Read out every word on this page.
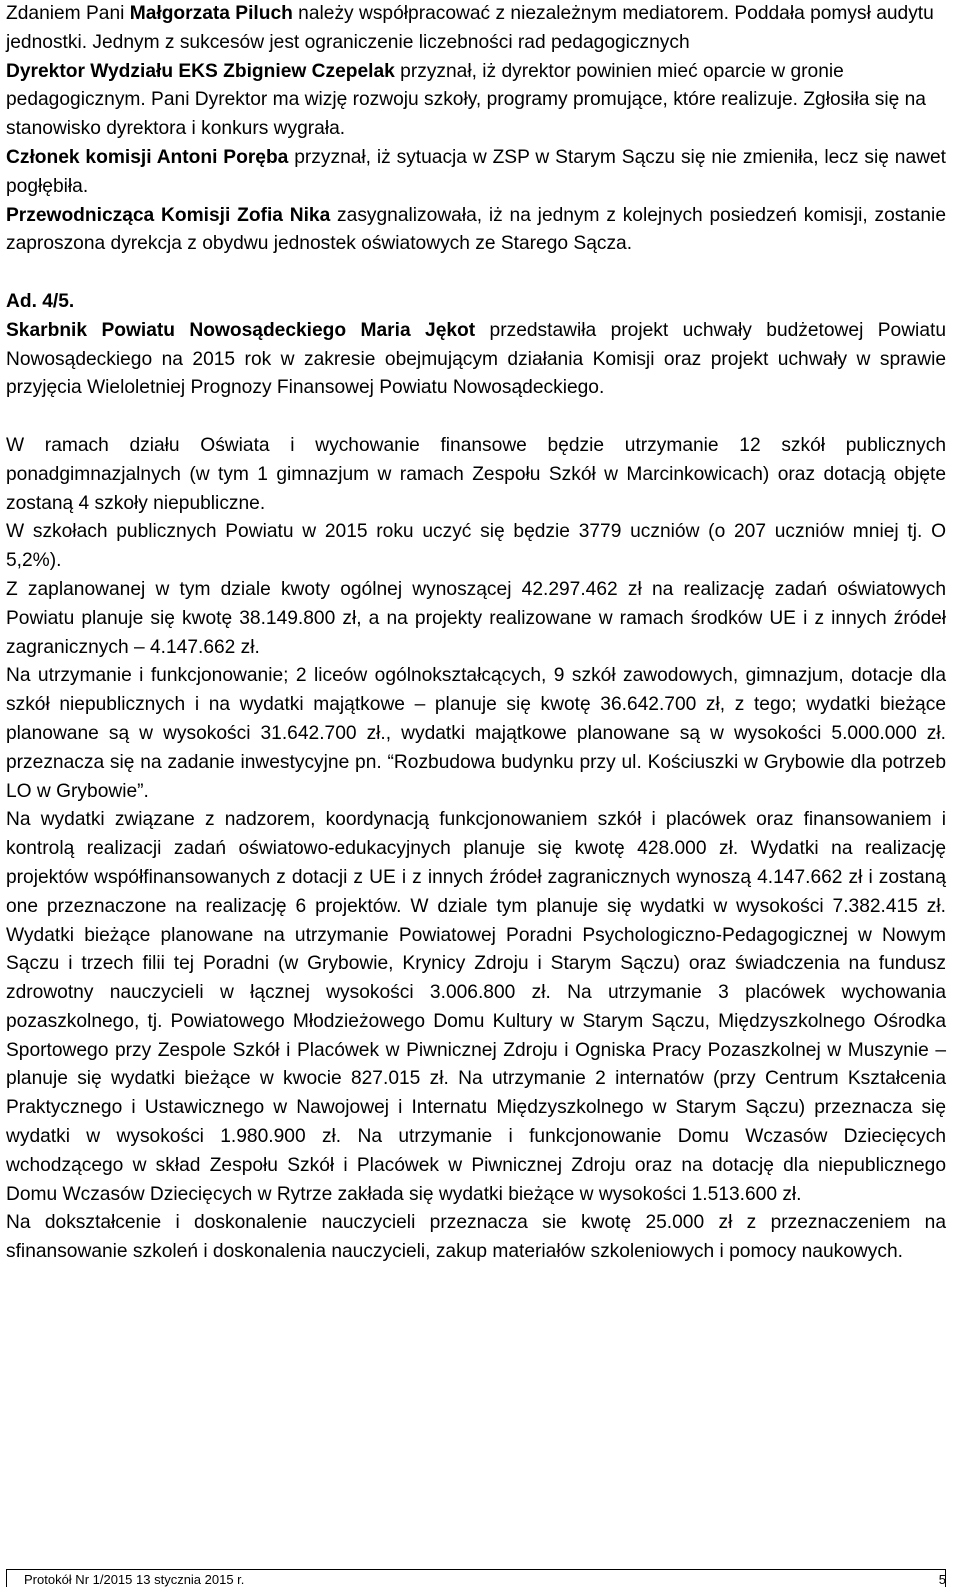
Zdaniem Pani Małgorzata Piluch należy współpracować z niezależnym mediatorem. Poddała pomysł audytu jednostki. Jednym z sukcesów jest ograniczenie liczebności rad pedagogicznych

Dyrektor Wydziału EKS Zbigniew Czepelak przyznał, iż dyrektor powinien mieć oparcie w gronie pedagogicznym. Pani Dyrektor ma wizję rozwoju szkoły, programy promujące, które realizuje. Zgłosiła się na stanowisko dyrektora i konkurs wygrała.

Członek komisji Antoni Poręba przyznał, iż sytuacja w ZSP w Starym Sączu się nie zmieniła, lecz się nawet pogłębiła.

Przewodnicząca Komisji Zofia Nika zasygnalizowała, iż na jednym z kolejnych posiedzeń komisji, zostanie zaproszona dyrekcja z obydwu jednostek oświatowych ze Starego Sącza.

Ad. 4/5.

Skarbnik Powiatu Nowosądeckiego Maria Jękot przedstawiła projekt uchwały budżetowej Powiatu Nowosądeckiego na 2015 rok w zakresie obejmującym działania Komisji oraz projekt uchwały w sprawie przyjęcia Wieloletniej Prognozy Finansowej Powiatu Nowosądeckiego.

W ramach działu Oświata i wychowanie finansowe będzie utrzymanie 12 szkół publicznych ponadgimnazjalnych (w tym 1 gimnazjum w ramach Zespołu Szkół w Marcinkowicach) oraz dotacją objęte zostaną 4 szkoły niepubliczne.

W szkołach publicznych Powiatu w 2015 roku uczyć się będzie 3779 uczniów (o 207 uczniów mniej tj. O 5,2%).

Z zaplanowanej w tym dziale kwoty ogólnej wynoszącej 42.297.462 zł na realizację zadań oświatowych Powiatu planuje się kwotę 38.149.800 zł, a na projekty realizowane w ramach środków UE i z innych źródeł zagranicznych – 4.147.662 zł.

Na utrzymanie i funkcjonowanie; 2 liceów ogólnokształcących, 9 szkół zawodowych, gimnazjum, dotacje dla szkół niepublicznych i na wydatki majątkowe – planuje się kwotę 36.642.700 zł, z tego; wydatki bieżące planowane są w wysokości 31.642.700 zł., wydatki majątkowe planowane są w wysokości 5.000.000 zł. przeznacza się na zadanie inwestycyjne pn. “Rozbudowa budynku przy ul. Kościuszki w Grybowie dla potrzeb LO w Grybowie”.

Na wydatki związane z nadzorem, koordynacją funkcjonowaniem szkół i placówek oraz finansowaniem i kontrolą realizacji zadań oświatowo-edukacyjnych planuje się kwotę 428.000 zł. Wydatki na realizację projektów współfinansowanych z dotacji z UE i z innych źródeł zagranicznych wynoszą 4.147.662 zł i zostaną one przeznaczone na realizację 6 projektów. W dziale tym planuje się wydatki w wysokości 7.382.415 zł. Wydatki bieżące planowane na utrzymanie Powiatowej Poradni Psychologiczno-Pedagogicznej w Nowym Sączu i trzech filii tej Poradni (w Grybowie, Krynicy Zdroju i Starym Sączu) oraz świadczenia na fundusz zdrowotny nauczycieli w łącznej wysokości 3.006.800 zł. Na utrzymanie 3 placówek wychowania pozaszkolnego, tj. Powiatowego Młodzieżowego Domu Kultury w Starym Sączu, Międzyszkolnego Ośrodka Sportowego przy Zespole Szkół i Placówek w Piwnicznej Zdroju i Ogniska Pracy Pozaszkolnej w Muszynie – planuje się wydatki bieżące w kwocie 827.015 zł. Na utrzymanie 2 internatów (przy Centrum Kształcenia Praktycznego i Ustawicznego w Nawojowej i Internatu Międzyszkolnego w Starym Sączu) przeznacza się wydatki w wysokości 1.980.900 zł. Na utrzymanie i funkcjonowanie Domu Wczasów Dziecięcych wchodzącego w skład Zespołu Szkół i Placówek w Piwnicznej Zdroju oraz na dotację dla niepublicznego Domu Wczasów Dziecięcych w Rytrze zakłada się wydatki bieżące w wysokości 1.513.600 zł.

Na dokształcenie i doskonalenie nauczycieli przeznacza sie kwotę 25.000 zł z przeznaczeniem na sfinansowanie szkoleń i doskonalenia nauczycieli, zakup materiałów szkoleniowych i pomocy naukowych.

Protokół Nr 1/2015 13 stycznia 2015 r.	5
